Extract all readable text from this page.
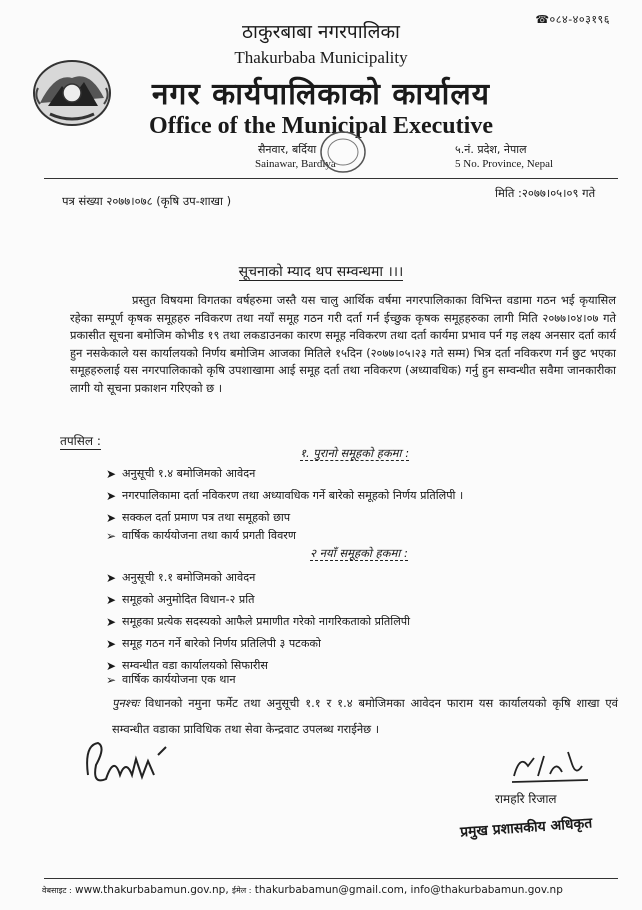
☎०८४-४०३१९६
ठाकुरबाबा नगरपालिका
Thakurbaba Municipality
नगर कार्यपालिकाको कार्यालय
Office of the Municipal Executive
सैनवार, बर्दिया
Sainawar, Bardiya
५.नं. प्रदेश, नेपाल
5 No. Province, Nepal
पत्र संख्या २०७७।०७८ (कृषि उप-शाखा )
मिति :२०७७।०५।०९ गते
सूचनाको म्याद थप सम्वन्धमा ।।।
प्रस्तुत विषयमा विगतका वर्षहरुमा जस्तै यस चालु आर्थिक वर्षमा नगरपालिकाका विभिन्त वडामा गठन भई कृयासिल रहेका सम्पूर्ण कृषक समूहहरु नविकरण तथा नयाँ समूह गठन गरी दर्ता गर्न ईच्छुक कृषक समूहहरुका लागी मिति २०७७।०४।०७ गते प्रकासीत सूचना बमोजिम कोभीड १९ तथा लकडाउनका कारण समूह नविकरण तथा दर्ता कार्यमा प्रभाव पर्न गइ लक्ष्य अनसार दर्ता कार्य हुन नसकेकाले यस कार्यालयको निर्णय बमोजिम आजका मितिले १५दिन (२०७७।०५।२३ गते सम्म) भित्र दर्ता नविकरण गर्न छुट भएका समूहहरुलाई यस नगरपालिकाको कृषि उपशाखामा आई समूह दर्ता तथा नविकरण (अध्यावधिक) गर्नु हुन सम्वन्धीत सवैमा जानकारीका लागी यो सूचना प्रकाशन गरिएको छ ।
तपसिल :
१. पुरानो समूहको हकमा :
➤ अनुसूची १.४ बमोजिमको आवेदन
➤ नगरपालिकामा दर्ता नविकरण तथा अध्यावधिक गर्ने बारेको समूहको निर्णय प्रतिलिपी ।
➤ सक्कल दर्ता प्रमाण पत्र तथा समूहको छाप
➢ वार्षिक कार्ययोजना तथा कार्य प्रगती विवरण
२ नयाँ समूहको हकमा :
➤ अनुसूची १.१ बमोजिमको आवेदन
➤ समूहको अनुमोदित विधान-२ प्रति
➤ समूहका प्रत्येक सदस्यको आफैले प्रमाणीत गरेको नागरिकताको प्रतिलिपी
➤ समूह गठन गर्ने बारेको निर्णय प्रतिलिपी ३ पटकको
➤ सम्वन्धीत वडा कार्यालयको सिफारीस
➢ वार्षिक कार्ययोजना एक थान
पुनश्चः विधानको नमुना फर्मेट तथा अनुसूची १.१ र १.४ बमोजिमका आवेदन फाराम यस कार्यालयको कृषि शाखा एवं सम्वन्धीत वडाका प्राविधिक तथा सेवा केन्द्रवाट उपलब्ध गराईनेछ ।
रामहरि रिजाल
प्रमुख प्रशासकीय अधिकृत
वेबसाइट : www.thakurbabamun.gov.np, ईमेल : thakurbabamun@gmail.com, info@thakurbabamun.gov.np
